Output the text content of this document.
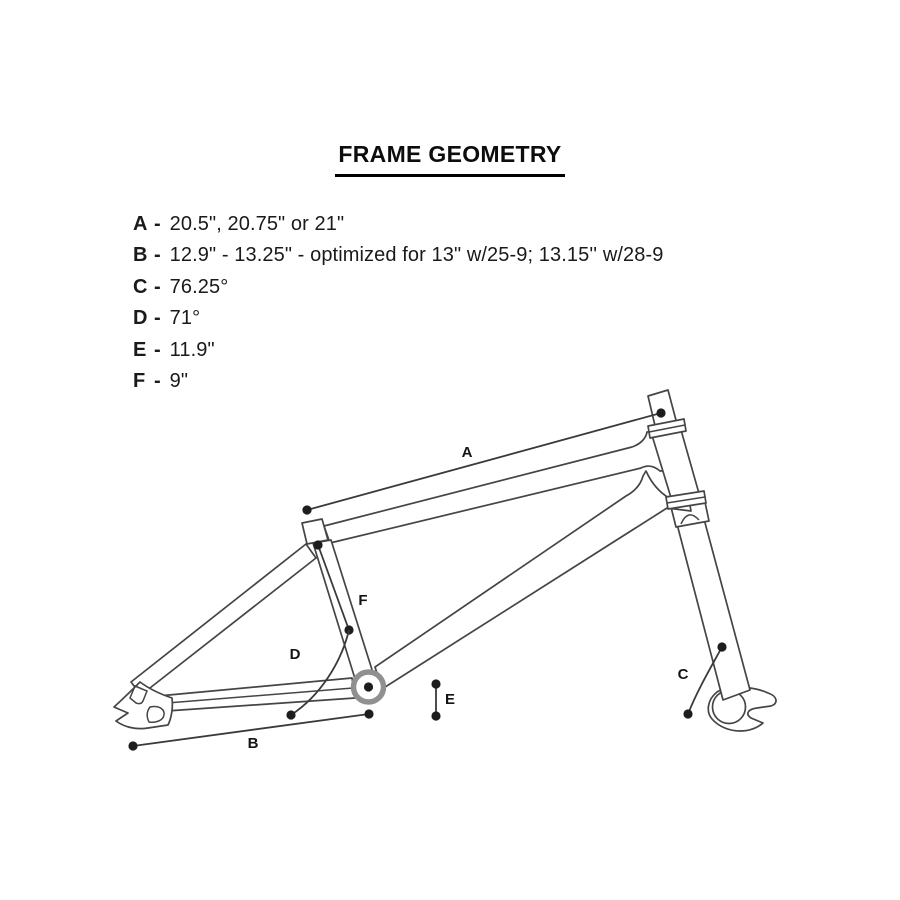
FRAME GEOMETRY
A - 20.5", 20.75" or 21"
B - 12.9" - 13.25" - optimized for 13" w/25-9; 13.15'' w/28-9
C - 76.25°
D - 71°
E - 11.9"
F - 9"
A
F
D
B
E
C
